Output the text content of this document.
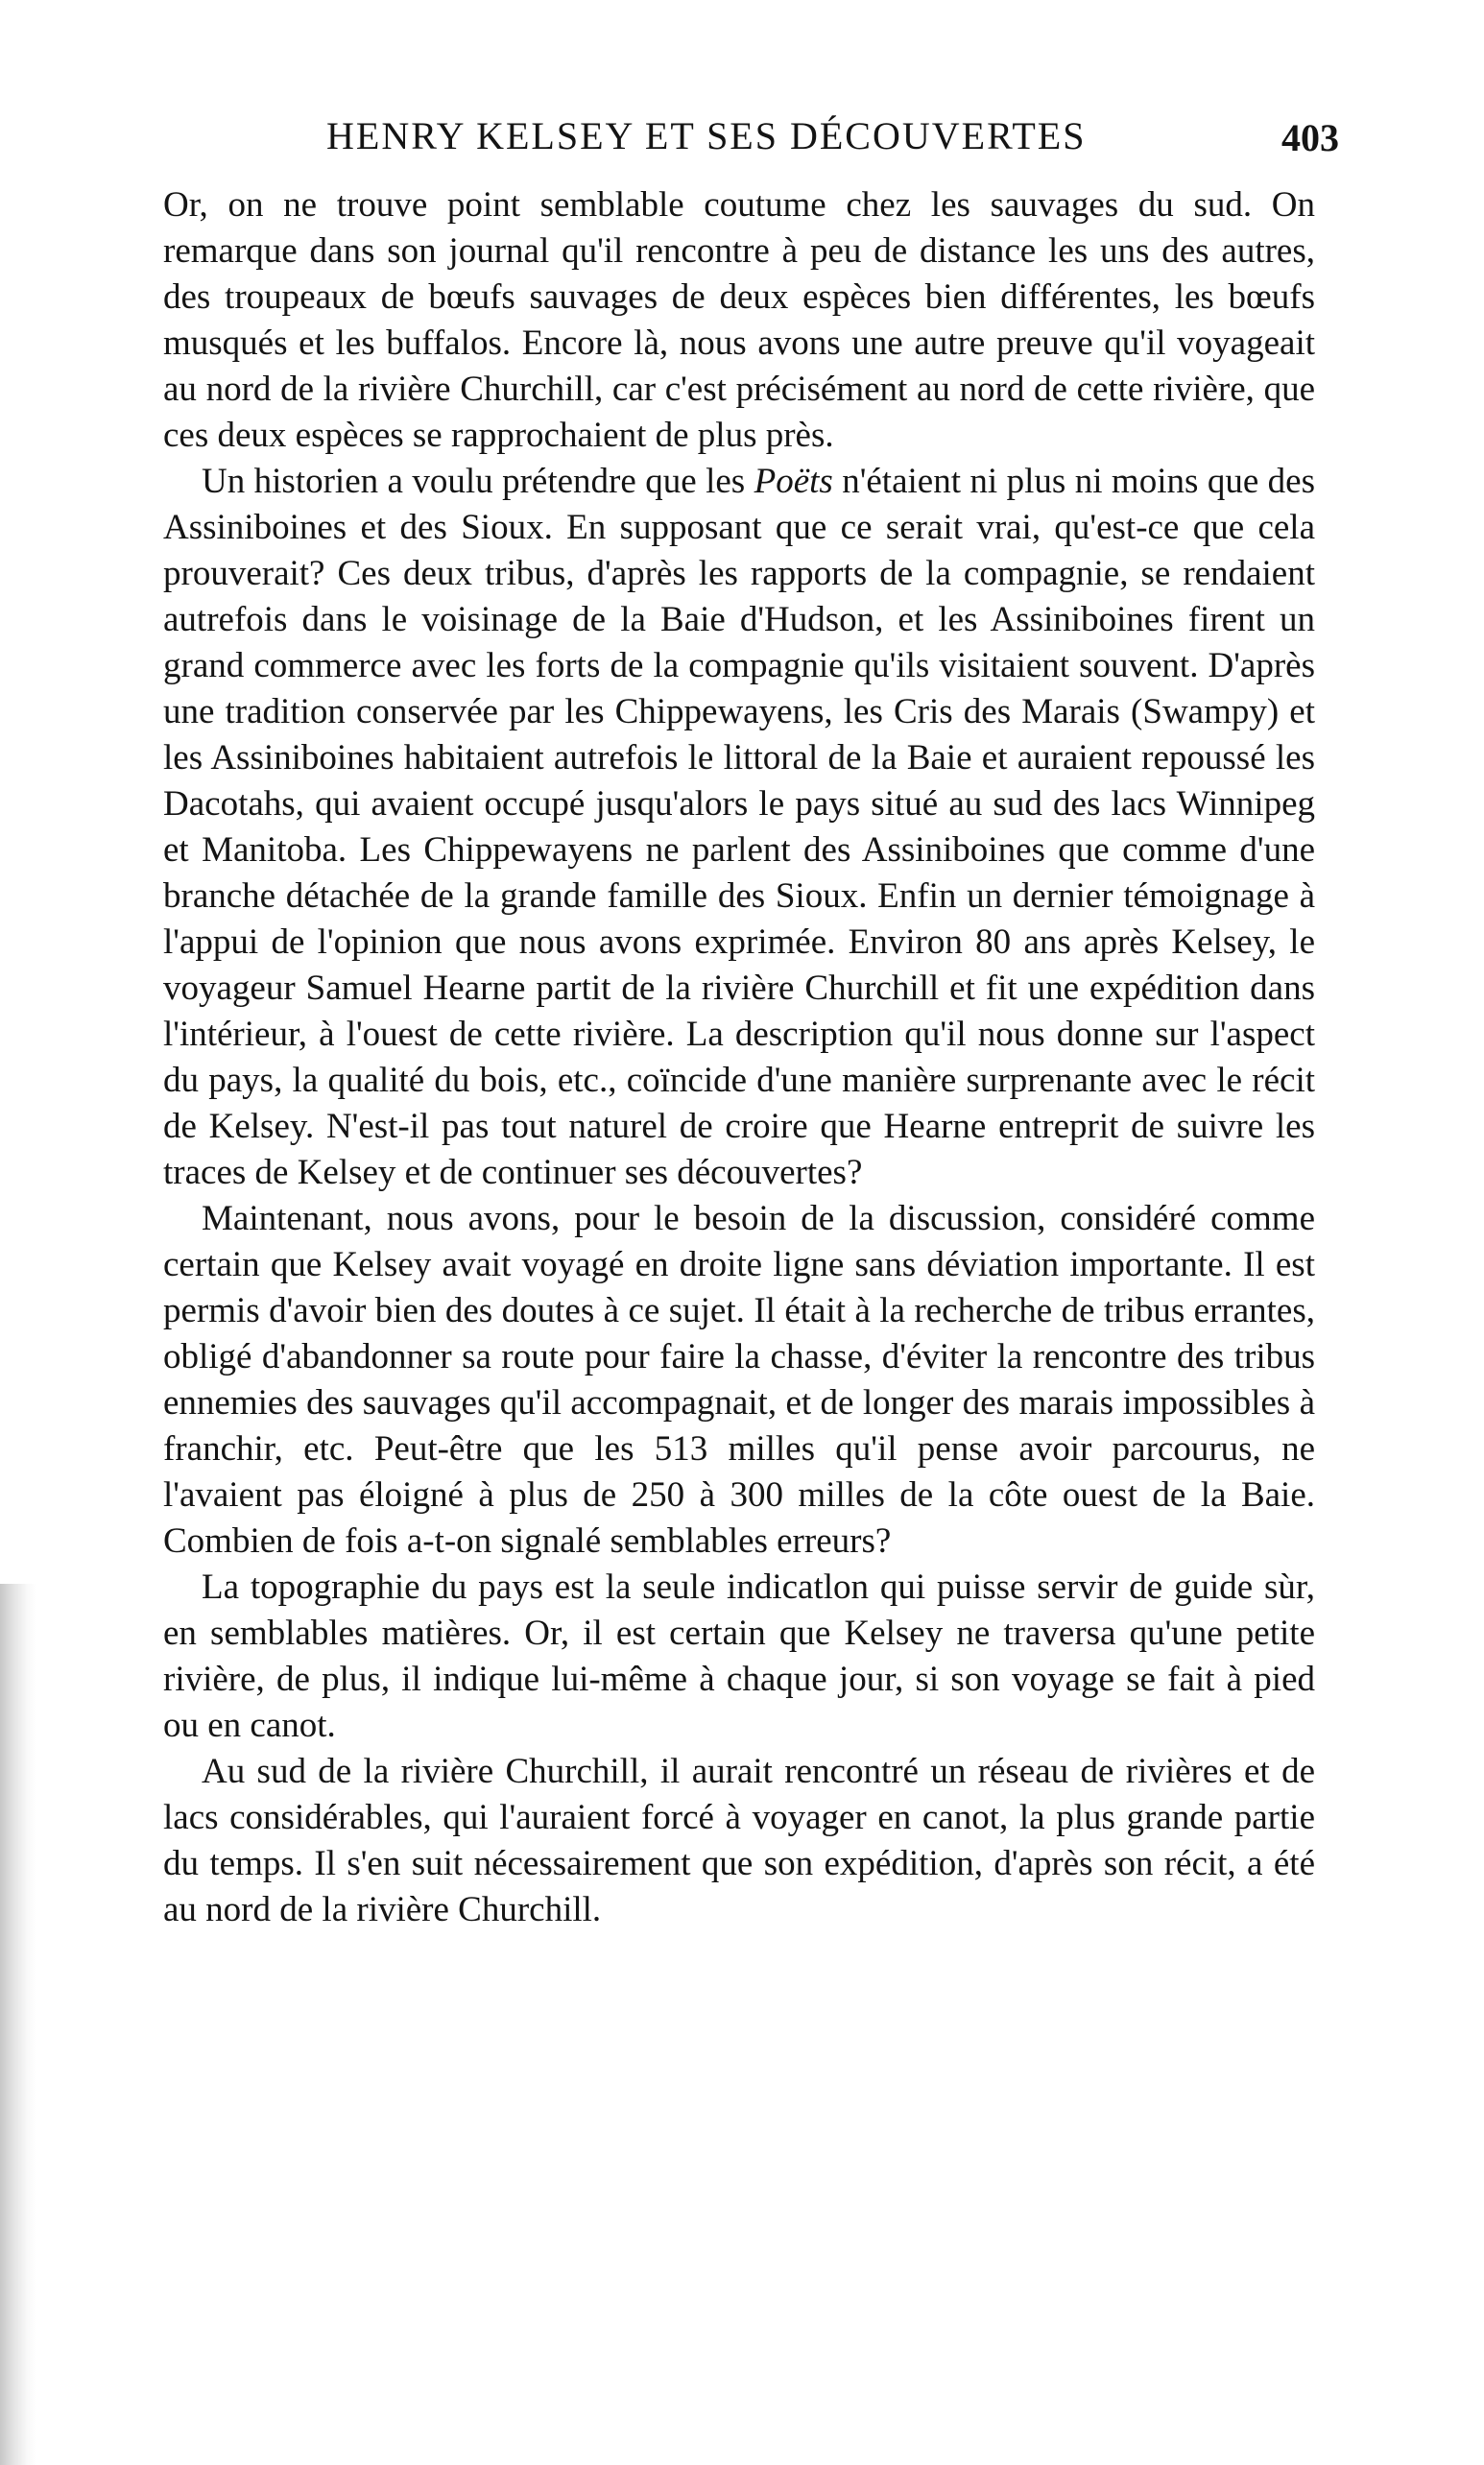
HENRY KELSEY ET SES DÉCOUVERTES	403

Or, on ne trouve point semblable coutume chez les sauvages du sud. On remarque dans son journal qu'il rencontre à peu de distance les uns des autres, des troupeaux de bœufs sauvages de deux espèces bien différentes, les bœufs musqués et les buffalos. Encore là, nous avons une autre preuve qu'il voyageait au nord de la rivière Churchill, car c'est précisément au nord de cette rivière, que ces deux espèces se rapprochaient de plus près.

Un historien a voulu prétendre que les Poëts n'étaient ni plus ni moins que des Assiniboines et des Sioux. En supposant que ce serait vrai, qu'est-ce que cela prouverait? Ces deux tribus, d'après les rapports de la compagnie, se rendaient autrefois dans le voisinage de la Baie d'Hudson, et les Assiniboines firent un grand commerce avec les forts de la compagnie qu'ils visitaient souvent. D'après une tradition conservée par les Chippewayens, les Cris des Marais (Swampy) et les Assiniboines habitaient autrefois le littoral de la Baie et auraient repoussé les Dacotahs, qui avaient occupé jusqu'alors le pays situé au sud des lacs Winnipeg et Manitoba. Les Chippewayens ne parlent des Assiniboines que comme d'une branche détachée de la grande famille des Sioux. Enfin un dernier témoignage à l'appui de l'opinion que nous avons exprimée. Environ 80 ans après Kelsey, le voyageur Samuel Hearne partit de la rivière Churchill et fit une expédition dans l'intérieur, à l'ouest de cette rivière. La description qu'il nous donne sur l'aspect du pays, la qualité du bois, etc., coïncide d'une manière surprenante avec le récit de Kelsey. N'est-il pas tout naturel de croire que Hearne entreprit de suivre les traces de Kelsey et de continuer ses découvertes?

Maintenant, nous avons, pour le besoin de la discussion, considéré comme certain que Kelsey avait voyagé en droite ligne sans déviation importante. Il est permis d'avoir bien des doutes à ce sujet. Il était à la recherche de tribus errantes, obligé d'abandonner sa route pour faire la chasse, d'éviter la rencontre des tribus ennemies des sauvages qu'il accompagnait, et de longer des marais impossibles à franchir, etc. Peut-être que les 513 milles qu'il pense avoir parcourus, ne l'avaient pas éloigné à plus de 250 à 300 milles de la côte ouest de la Baie. Combien de fois a-t-on signalé semblables erreurs?

La topographie du pays est la seule indicatlon qui puisse servir de guide sùr, en semblables matières. Or, il est certain que Kelsey ne traversa qu'une petite rivière, de plus, il indique lui-même à chaque jour, si son voyage se fait à pied ou en canot.

Au sud de la rivière Churchill, il aurait rencontré un réseau de rivières et de lacs considérables, qui l'auraient forcé à voyager en canot, la plus grande partie du temps. Il s'en suit nécessairement que son expédition, d'après son récit, a été au nord de la rivière Churchill.
